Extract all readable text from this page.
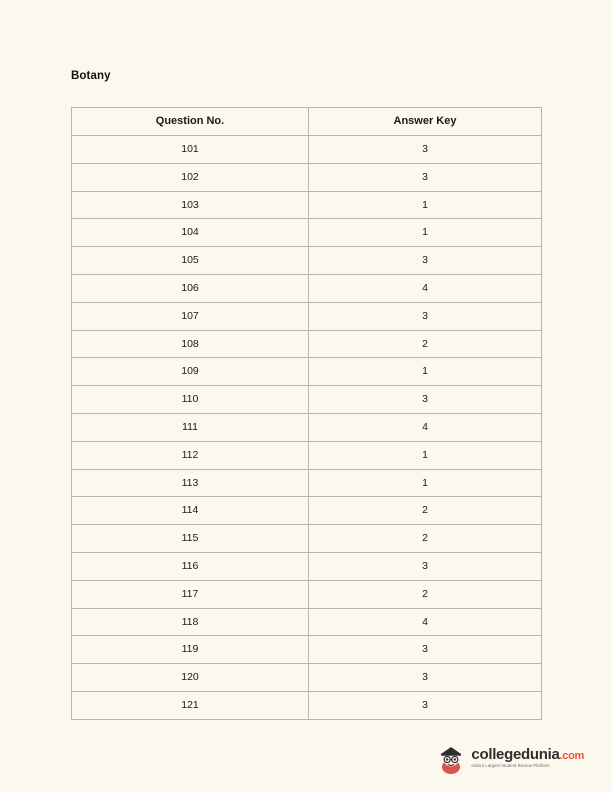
Botany
Question No.	Answer Key
101	3
102	3
103	1
104	1
105	3
106	4
107	3
108	2
109	1
110	3
111	4
112	1
113	1
114	2
115	2
116	3
117	2
118	4
119	3
120	3
121	3
collegedunia.com
India's Largest Student Review Platform
